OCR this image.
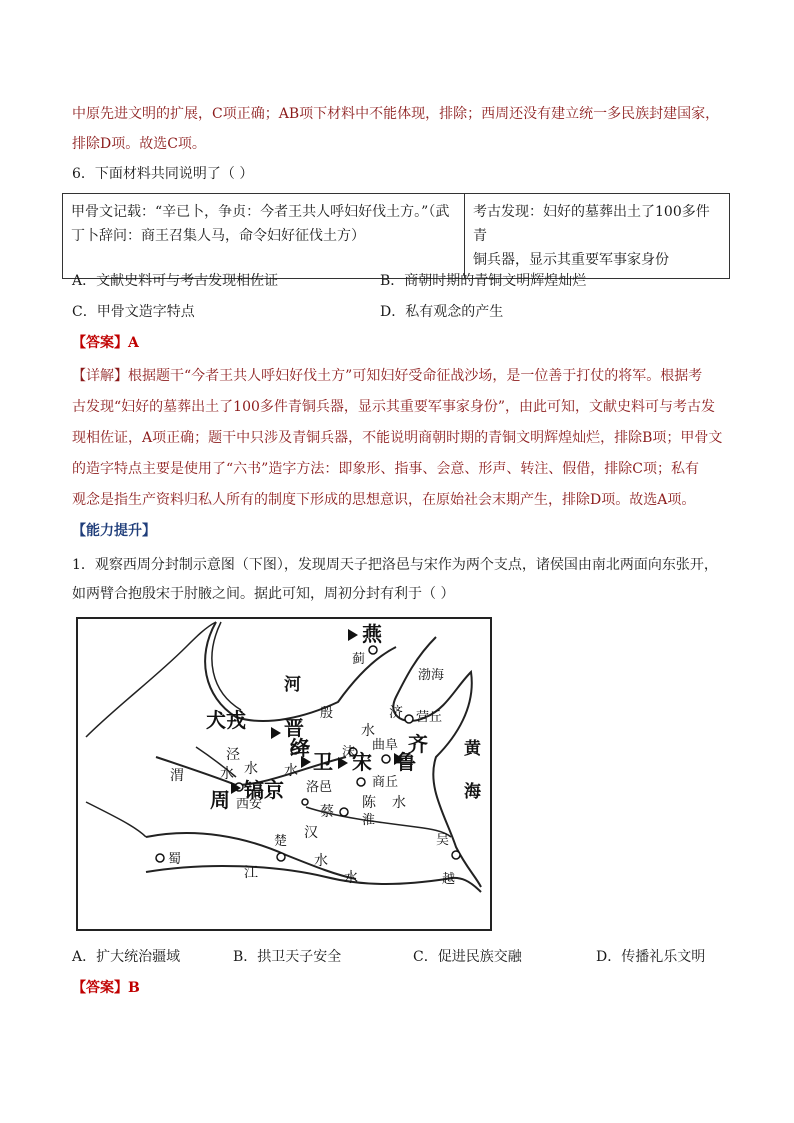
中原先进文明的扩展，C项正确；AB项下材料中不能体现，排除；西周还没有建立统一多民族封建国家，
排除D项。故选C项。
6．下面材料共同说明了（ ）
甲骨文记载：“辛已卜，争贞：今者王共人呼妇好伐土方。”（武
丁卜辞问：商王召集人马，命令妇好征伐土方）

考古发现：妇好的墓葬出土了100多件青
铜兵器，显示其重要军事家身份
A．文献史料可与考古发现相佐证	B．商朝时期的青铜文明辉煌灿烂
C．甲骨文造字特点	D．私有观念的产生
【答案】A
【详解】根据题干“今者王共人呼妇好伐土方”可知妇好受命征战沙场，是一位善于打仗的将军。根据考
古发现“妇好的墓葬出土了100多件青铜兵器，显示其重要军事家身份”，由此可知，文献史料可与考古发
现相佐证，A项正确；题干中只涉及青铜兵器，不能说明商朝时期的青铜文明辉煌灿烂，排除B项；甲骨文
的造字特点主要是使用了“六书”造字方法：即象形、指事、会意、形声、转注、假借，排除C项；私有
观念是指生产资料归私人所有的制度下形成的思想意识，在原始社会末期产生，排除D项。故选A项。
【能力提升】
1．观察西周分封制示意图（下图），发现周天子把洛邑与宋作为两个支点，诸侯国由南北两面向东张开，
如两臂合抱殷宋于肘腋之间。据此可知，周初分封有利于（ ）
燕
蓟
渤海
河
犬戎 晋
殷
水
济 营丘
齐 黄
海
绛
泾
水
渭	水	水 卫 沫 曲阜
宋 鲁
镐京 洛邑
周 西安
商丘
蔡
陈
淮
水
汉
楚
蜀	水
江	水
吴
越
A．扩大统治疆域	B．拱卫天子安全	C．促进民族交融	D．传播礼乐文明
【答案】B
